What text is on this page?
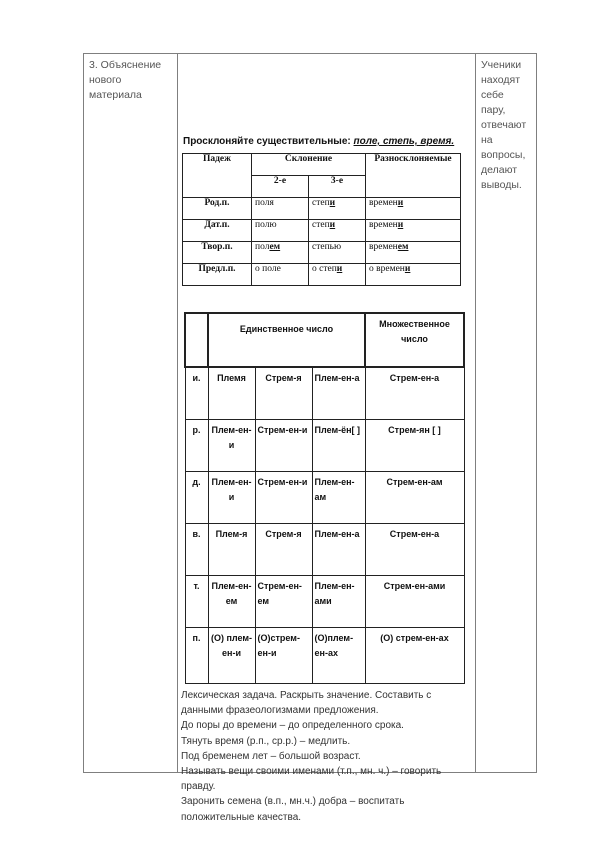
3. Объяснение
нового
материала

Просклоняйте существительные: поле, степь, время.
Падеж	Склонение	Разносклоняемые
2-е	3-е
Род.п.	поля	степи	времени
Дат.п.	полю	степи	времени
Твор.п.	полем	степью	временем
Предл.п.	о поле	о степи	о времени
	Единственное число	Множественное число
и.	Племя	Стрем-я	Плем-ен-а	Стрем-ен-а
р.	Плем-ен-и	Стрем-ен-и	Плем-ён[ ]	Стрем-ян [ ]
д.	Плем-ен-и	Стрем-ен-и	Плем-ен-ам	Стрем-ен-ам
в.	Плем-я	Стрем-я	Плем-ен-а	Стрем-ен-а
т.	Плем-ен-ем	Стрем-ен-ем	Плем-ен-ами	Стрем-ен-ами
п.	(О) плем-ен-и	(О)стрем-ен-и	(О)плем-ен-ах	(О) стрем-ен-ах
Лексическая задача. Раскрыть значение. Составить с
данными фразеологизмами предложения.
До поры до времени – до определенного срока.
Тянуть время (р.п., ср.р.) – медлить.
Под бременем лет – большой возраст.
Называть вещи своими именами (т.п., мн. ч.) – говорить
правду.
Заронить семена (в.п., мн.ч.) добра – воспитать
положительные качества.

Ученики
находят себе
пару,
отвечают на
вопросы,
делают
выводы.
